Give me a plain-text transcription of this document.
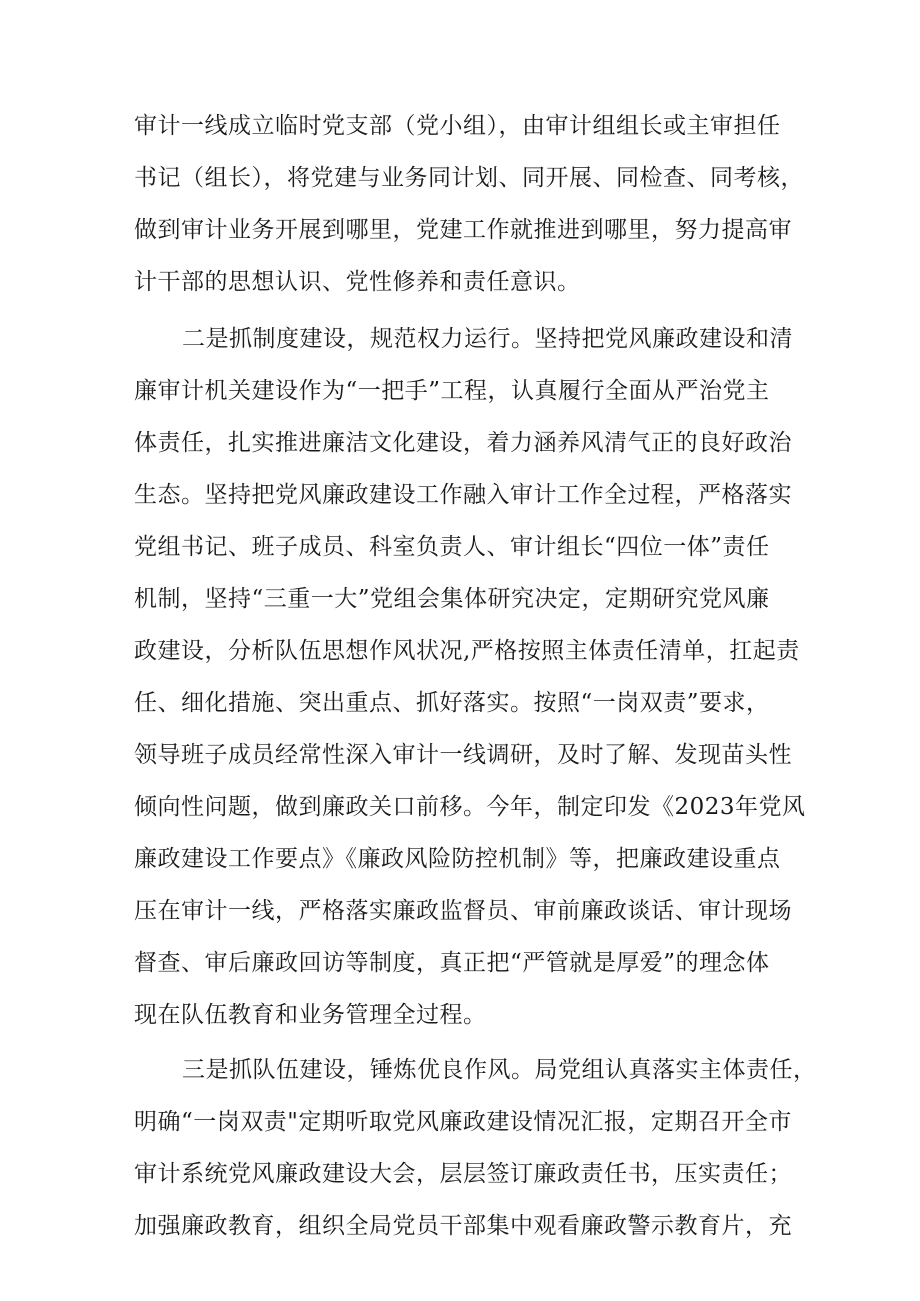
审计一线成立临时党支部（党小组），由审计组组长或主审担任
书记（组长），将党建与业务同计划、同开展、同检查、同考核，
做到审计业务开展到哪里，党建工作就推进到哪里，努力提高审
计干部的思想认识、党性修养和责任意识。
二是抓制度建设，规范权力运行。坚持把党风廉政建设和清
廉审计机关建设作为“一把手”工程，认真履行全面从严治党主
体责任，扎实推进廉洁文化建设，着力涵养风清气正的良好政治
生态。坚持把党风廉政建设工作融入审计工作全过程，严格落实
党组书记、班子成员、科室负责人、审计组长“四位一体”责任
机制，坚持“三重一大”党组会集体研究决定，定期研究党风廉
政建设，分析队伍思想作风状况,严格按照主体责任清单，扛起责
任、细化措施、突出重点、抓好落实。按照“一岗双责”要求，
领导班子成员经常性深入审计一线调研，及时了解、发现苗头性
倾向性问题，做到廉政关口前移。今年，制定印发《2023年党风
廉政建设工作要点》《廉政风险防控机制》等，把廉政建设重点
压在审计一线，严格落实廉政监督员、审前廉政谈话、审计现场
督查、审后廉政回访等制度，真正把“严管就是厚爱”的理念体
现在队伍教育和业务管理全过程。
三是抓队伍建设，锤炼优良作风。局党组认真落实主体责任，
明确“一岗双责"定期听取党风廉政建设情况汇报，定期召开全市
审计系统党风廉政建设大会，层层签订廉政责任书，压实责任；
加强廉政教育，组织全局党员干部集中观看廉政警示教育片，充
